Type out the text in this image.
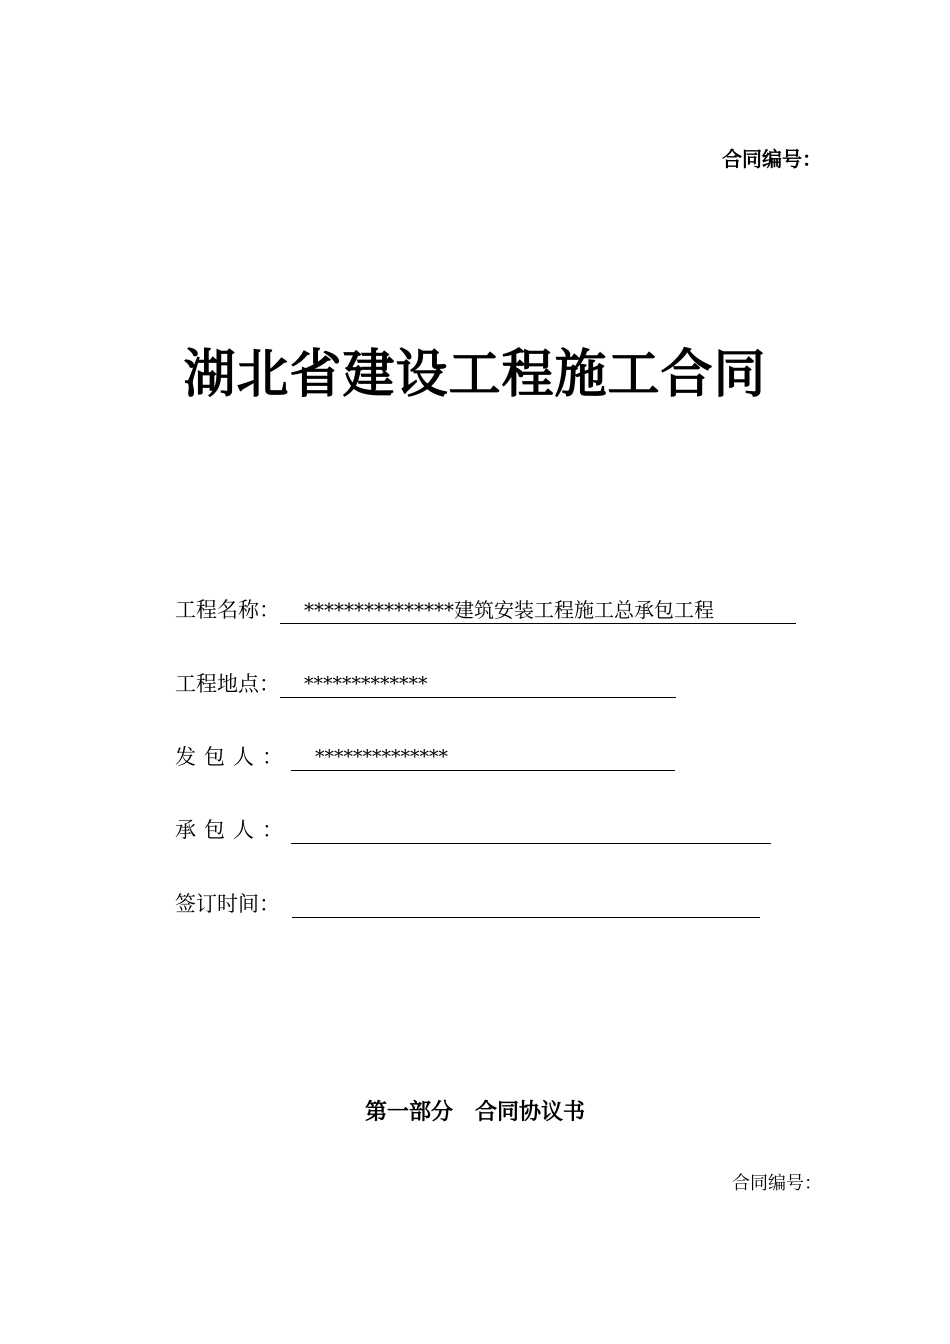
合同编号：
湖北省建设工程施工合同
工程名称：	***************建筑安装工程施工总承包工程
工程地点：	*************
发包人：	**************
承包人：
签订时间：
第一部分　合同协议书
合同编号：
